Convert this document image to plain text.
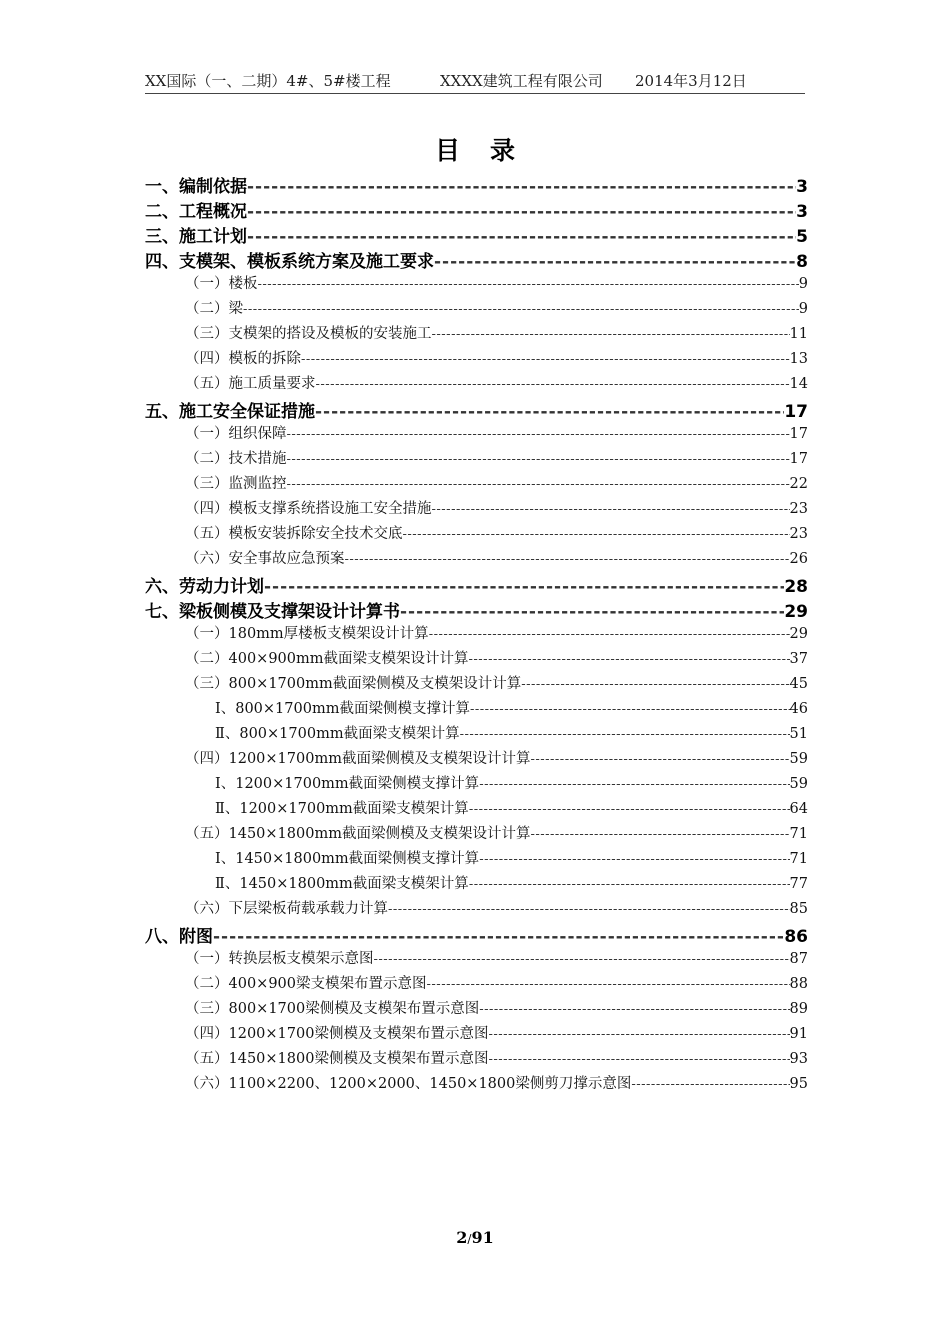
XX国际（一、二期）4#、5#楼工程	XXXX建筑工程有限公司 2014年3月12日
目录
一、编制依据 -----	3
二、工程概况 -----	3
三、施工计划 -----	5
四、支模架、模板系统方案及施工要求 -----	8
（一）楼板 -----	9
（二）梁 -----	9
（三）支模架的搭设及模板的安装施工 -----	11
（四）模板的拆除 -----	13
（五）施工质量要求 -----	14
五、施工安全保证措施 -----	17
（一）组织保障 -----	17
（二）技术措施 -----	17
（三）监测监控 -----	22
（四）模板支撑系统搭设施工安全措施 -----	23
（五）模板安装拆除安全技术交底 -----	23
（六）安全事故应急预案 -----	26
六、劳动力计划 -----	28
七、梁板侧模及支撑架设计计算书 -----	29
（一）180mm厚楼板支模架设计计算 -----	29
（二）400×900mm截面梁支模架设计计算 -----	37
（三）800×1700mm截面梁侧模及支模架设计计算 -----	45
Ⅰ、800×1700mm截面梁侧模支撑计算 -----	46
Ⅱ、800×1700mm截面梁支模架计算 -----	51
（四）1200×1700mm截面梁侧模及支模架设计计算 -----	59
Ⅰ、1200×1700mm截面梁侧模支撑计算 -----	59
Ⅱ、1200×1700mm截面梁支模架计算 -----	64
（五）1450×1800mm截面梁侧模及支模架设计计算 -----	71
Ⅰ、1450×1800mm截面梁侧模支撑计算 -----	71
Ⅱ、1450×1800mm截面梁支模架计算 -----	77
（六）下层梁板荷载承载力计算 -----	85
八、附图 -----	86
（一）转换层板支模架示意图 -----	87
（二）400×900梁支模架布置示意图 -----	88
（三）800×1700梁侧模及支模架布置示意图 -----	89
（四）1200×1700梁侧模及支模架布置示意图 -----	91
（五）1450×1800梁侧模及支模架布置示意图 -----	93
（六）1100×2200、1200×2000、1450×1800梁侧剪刀撑示意图 -----	95
2/91
